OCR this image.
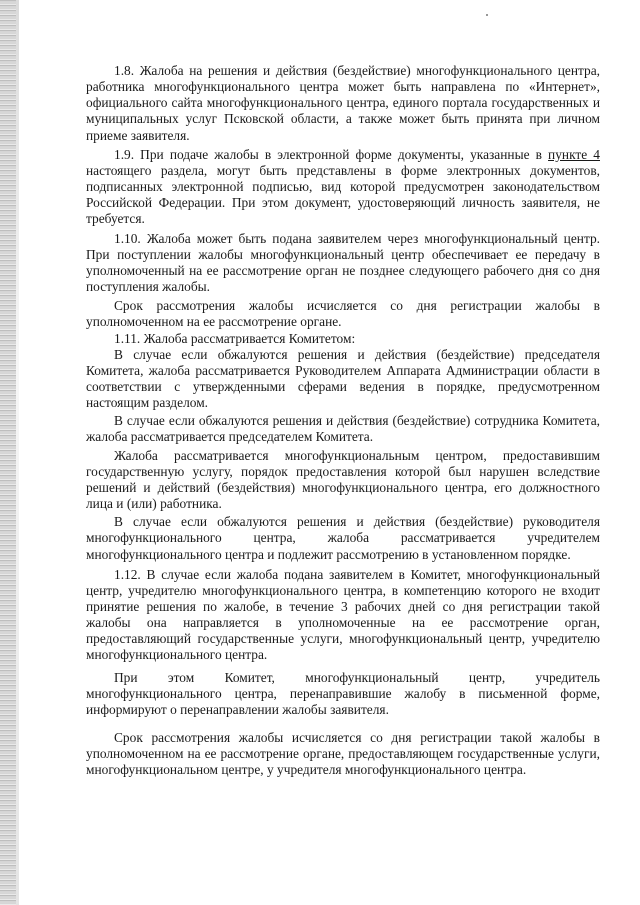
1.8. Жалоба на решения и действия (бездействие) многофункционального центра, работника многофункционального центра может быть направлена по «Интернет», официального сайта многофункционального центра, единого портала государственных и муниципальных услуг Псковской области, а также может быть принята при личном приеме заявителя.

1.9. При подаче жалобы в электронной форме документы, указанные в пункте 4 настоящего раздела, могут быть представлены в форме электронных документов, подписанных электронной подписью, вид которой предусмотрен законодательством Российской Федерации. При этом документ, удостоверяющий личность заявителя, не требуется.

1.10. Жалоба может быть подана заявителем через многофункциональный центр. При поступлении жалобы многофункциональный центр обеспечивает ее передачу в уполномоченный на ее рассмотрение орган не позднее следующего рабочего дня со дня поступления жалобы.

Срок рассмотрения жалобы исчисляется со дня регистрации жалобы в уполномоченном на ее рассмотрение органе.

1.11. Жалоба рассматривается Комитетом:

В случае если обжалуются решения и действия (бездействие) председателя Комитета, жалоба рассматривается Руководителем Аппарата Администрации области в соответствии с утвержденными сферами ведения в порядке, предусмотренном настоящим разделом.

В случае если обжалуются решения и действия (бездействие) сотрудника Комитета, жалоба рассматривается председателем Комитета.

Жалоба рассматривается многофункциональным центром, предоставившим государственную услугу, порядок предоставления которой был нарушен вследствие решений и действий (бездействия) многофункционального центра, его должностного лица и (или) работника.

В случае если обжалуются решения и действия (бездействие) руководителя многофункционального центра, жалоба рассматривается учредителем многофункционального центра и подлежит рассмотрению в установленном порядке.

1.12. В случае если жалоба подана заявителем в Комитет, многофункциональный центр, учредителю многофункционального центра, в компетенцию которого не входит принятие решения по жалобе, в течение 3 рабочих дней со дня регистрации такой жалобы она направляется в уполномоченные на ее рассмотрение орган, предоставляющий государственные услуги, многофункциональный центр, учредителю многофункционального центра.

При этом Комитет, многофункциональный центр, учредитель многофункционального центра, перенаправившие жалобу в письменной форме, информируют о перенаправлении жалобы заявителя.

Срок рассмотрения жалобы исчисляется со дня регистрации такой жалобы в уполномоченном на ее рассмотрение органе, предоставляющем государственные услуги, многофункциональном центре, у учредителя многофункционального центра.
